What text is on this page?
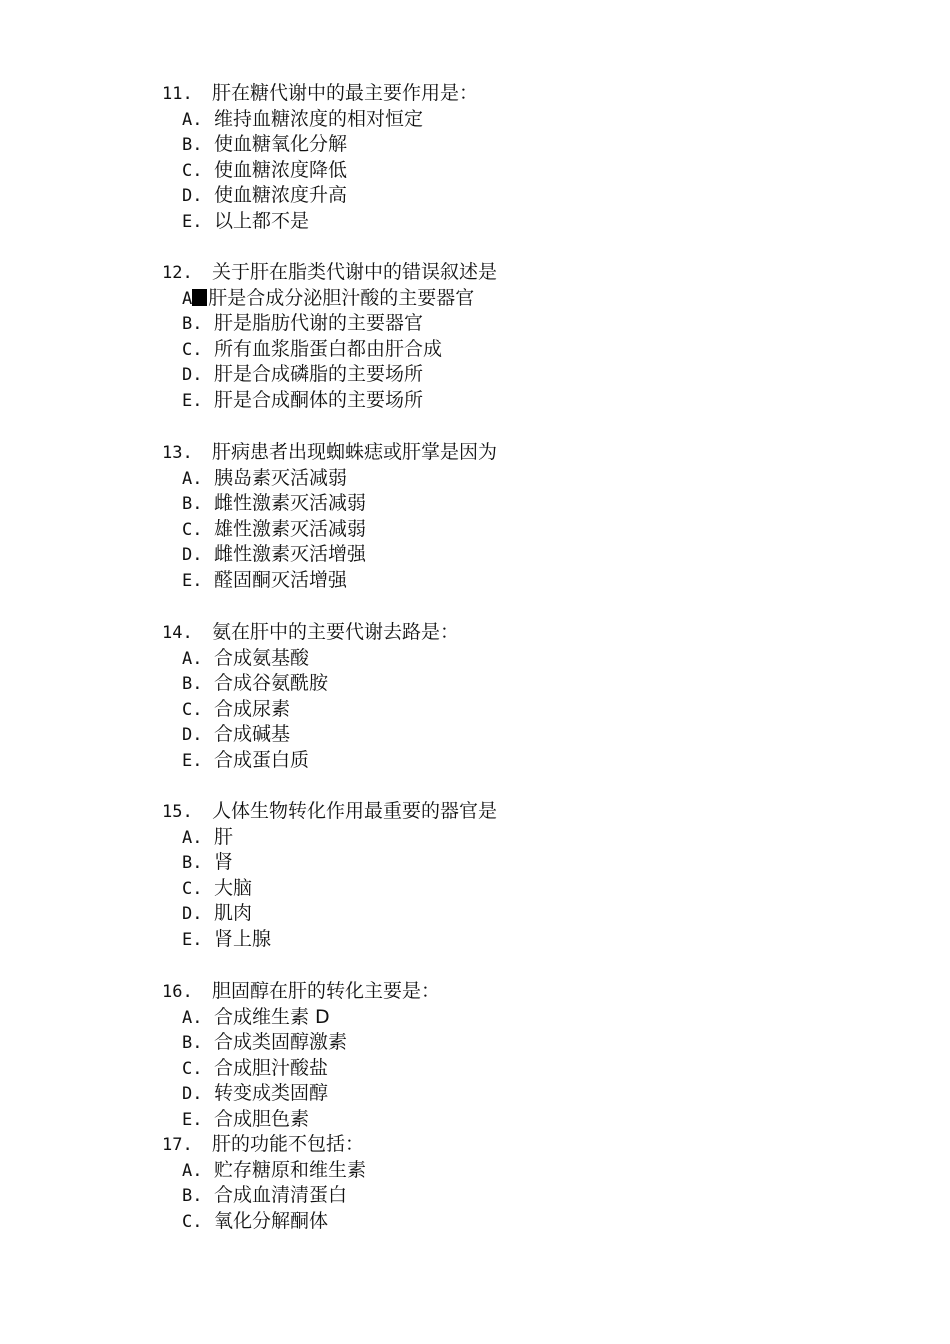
11. 肝在糖代谢中的最主要作用是：
A. 维持血糖浓度的相对恒定
B. 使血糖氧化分解
C. 使血糖浓度降低
D. 使血糖浓度升高
E. 以上都不是
12. 关于肝在脂类代谢中的错误叙述是
A 肝是合成分泌胆汁酸的主要器官
B. 肝是脂肪代谢的主要器官
C. 所有血浆脂蛋白都由肝合成
D. 肝是合成磷脂的主要场所
E. 肝是合成酮体的主要场所
13. 肝病患者出现蜘蛛痣或肝掌是因为
A. 胰岛素灭活减弱
B. 雌性激素灭活减弱
C. 雄性激素灭活减弱
D. 雌性激素灭活增强
E. 醛固酮灭活增强
14. 氨在肝中的主要代谢去路是：
A. 合成氨基酸
B. 合成谷氨酰胺
C. 合成尿素
D. 合成碱基
E. 合成蛋白质
15. 人体生物转化作用最重要的器官是
A. 肝
B. 肾
C. 大脑
D. 肌肉
E. 肾上腺
16. 胆固醇在肝的转化主要是：
A. 合成维生素 D
B. 合成类固醇激素
C. 合成胆汁酸盐
D. 转变成类固醇
E. 合成胆色素
17. 肝的功能不包括：
A. 贮存糖原和维生素
B. 合成血清清蛋白
C. 氧化分解酮体
